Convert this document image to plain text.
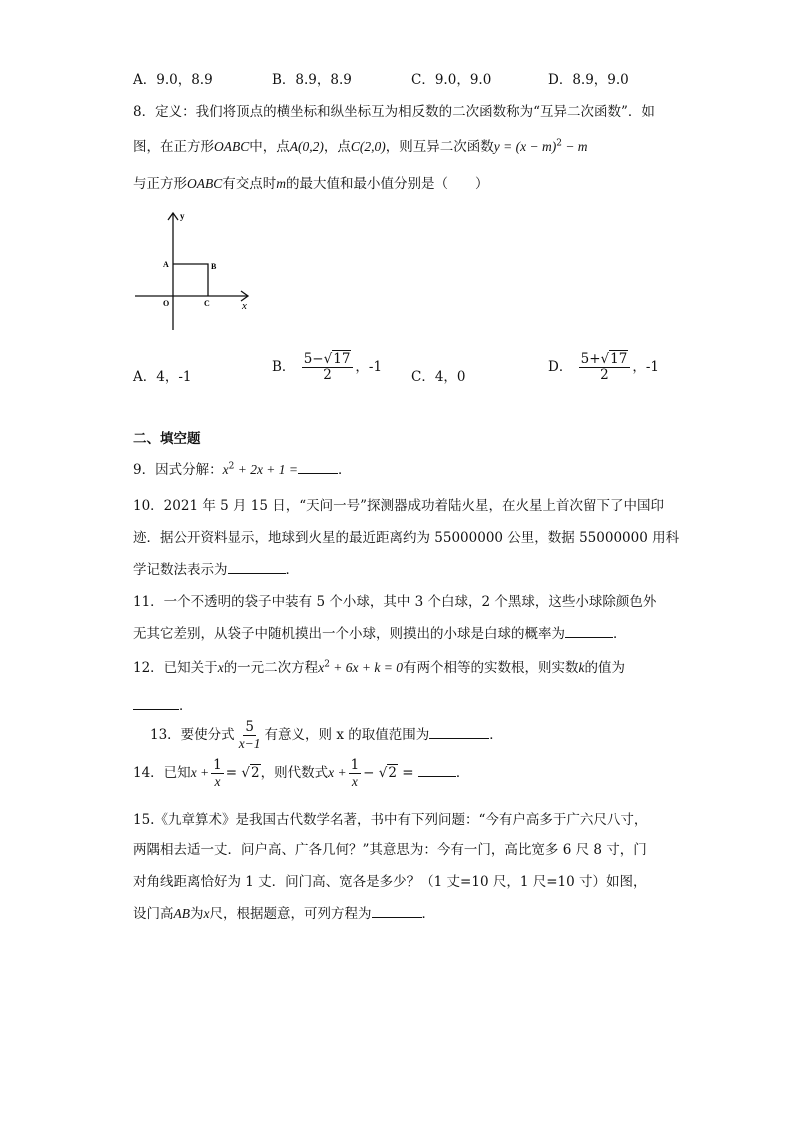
A．9.0，8.9	B．8.9，8.9	C．9.0，9.0	D．8.9，9.0
8．定义：我们将顶点的横坐标和纵坐标互为相反数的二次函数称为“互异二次函数”．如
图，在正方形OABC中，点A(0,2)，点C(2,0)，则互异二次函数$y = (x - m)^2 - m$
与正方形OABC有交点时m的最大值和最小值分别是（　　）
y
x
A	B
O	C
A．4，-1
B． $\frac{5-√17}{2}$ ，-1
C．4，0
D． $\frac{5+√17}{2}$ ，-1
二、填空题
9．因式分解：$x^2 + 2x + 1$ =	．
10．2021 年 5 月 15 日，“天问一号”探测器成功着陆火星，在火星上首次留下了中国印
迹．据公开资料显示，地球到火星的最近距离约为 55000000 公里，数据 55000000 用科
学记数法表示为	．
11．一个不透明的袋子中装有 5 个小球，其中 3 个白球，2 个黑球，这些小球除颜色外
无其它差别，从袋子中随机摸出一个小球，则摸出的小球是白球的概率为	．
12．已知关于x的一元二次方程$x^2 + 6x + k = 0$有两个相等的实数根，则实数k的值为
．
13．要使分式 $\frac{5}{x-1}$ 有意义，则 x 的取值范围为	．
14．已知$x + \frac{1}{x} = √2$，则代数式$x + \frac{1}{x} - √2$ =	．
15.《九章算术》是我国古代数学名著，书中有下列问题：“今有户高多于广六尺八寸，
两隅相去适一丈．问户高、广各几何？”其意思为：今有一门，高比宽多 6 尺 8 寸，门
对角线距离恰好为 1 丈．问门高、宽各是多少？（1 丈=10 尺，1 尺=10 寸）如图，
设门高AB为x尺，根据题意，可列方程为	．
